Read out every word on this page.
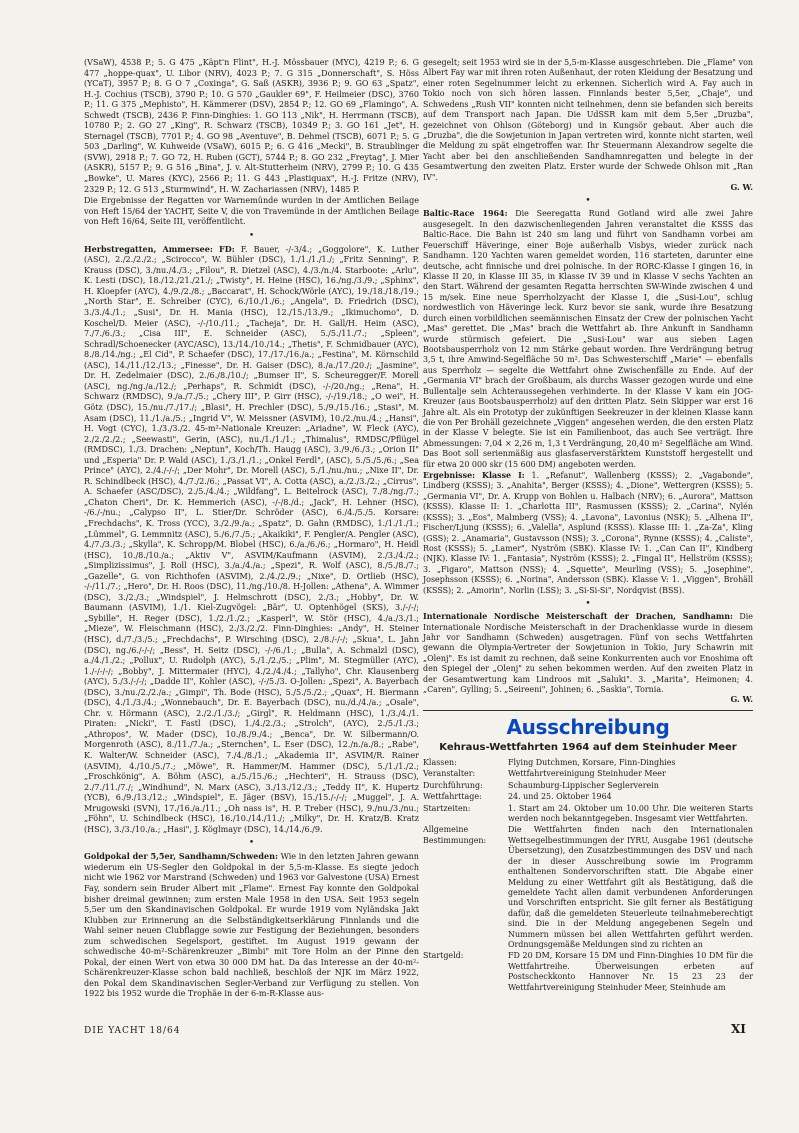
(VSaW), 4538 P.; 5. G 475 „Käpt'n Flint", H.-J. Mössbauer (MYC), 4219 P.; 6. G 477 „hoppe-quax", U. Libor (NRV), 4023 P.; 7. G 315 „Donnerschaft", S. Höss (YCaT), 3957 P.; 8. G O 7 „Coxinga", G. Saß (ASKR), 3936 P.; 9. GO 63 „Spatz", H.-J. Cochius (TSCB), 3790 P.; 10. G 570 „Gaukler 69", F. Heilmeier (DSC), 3760 P.; 11. G 375 „Mephisto", H. Kämmerer (DSV), 2854 P.; 12. GO 69 „Flamingo", A. Schwedt (TSCB), 2436 P. Finn-Dinghies: 1. GO 113 „Nik", H. Herrmann (TSCB), 10780 P.; 2. GO 27 „King", R. Schwarz (TSCB), 10349 P.; 3. GO 161 „Jet", H. Sternagel (TSCB), 7701 P.; 4. GO 98 „Aventuve", B. Dehmel (TSCB), 6071 P.; 5. G 503 „Darling", W. Kuhweide (VSaW), 6015 P.; 6. G 416 „Mecki", B. Straublinger (SVW), 2918 P.; 7. GO 72, H. Ruben (GCT), 5744 P.; 8. GO 232 „Freytag", J. Mier (ASKR), 5157 P.; 9. G 516 „Bina", J. v. Alt-Stutterheim (NRV), 2799 P.; 10. G 435 „Bowke", U. Mares (KYC), 2566 P.; 11. G 443 „Plastiquax", H.-J. Fritze (NRV), 2329 P.; 12. G 513 „Sturmwind", H. W. Zachariassen (NRV), 1485 P.

Die Ergebnisse der Regatten vor Warnemünde wurden in der Amtlichen Beilage von Heft 15/64 der YACHT, Seite V, die von Travemünde in der Amtlichen Beilage von Heft 16/64, Seite III, veröffentlicht.

•

Herbstregatten, Ammersee: FD: F. Bauer, -/-3/4.; „Goggolore", K. Luther (ASC), 2./2./2./2.; „Scirocco", W. Bühler (DSC), 1./1./1./1./; „Fritz Senning", P. Krauss (DSC), 3./nu./4./3.; „Filou", R. Dietzel (ASC), 4./3./n./4. Starboote: „Arlu", K. Lesti (DSC), 18./12./21./21./; „Twisty", H. Heine (HSC), 16./ng./3./9.; „Sphinx", H. Kloepfer (AYC), 4./9./2./8.; „Baccarat", H. Schock/Wörle (AYC), 19./18./18./19.; „North Star", E. Schreiber (CYC), 6./10./1./6.; „Angela", D. Friedrich (DSC), 3./3./4./1.; „Susi", Dr. H. Mania (HSC), 12./15./13./9.; „Ikimuchomo", D. Koschel/D. Meier (ASC), -/-/10./11.; „Tacheja", Dr. H. Gall/H. Heim (ASC), 7./7./6./3.; „Cisa III", E. Schneider (ASC), 5./5./11./7.; „Spleen", Schradl/Schoenecker (AYC/ASC), 13./14./10./14.; „Thetis", F. Schmidbauer (AYC), 8./8./14./ng.; „El Cid", P. Schaefer (DSC), 17./17./16./a.; „Festina", M. Körnschild (ASC), 14./11./12./13.; „Finesse", Dr. H. Gaiser (DSC), 8./a./17./20./; „Jasmine", Dr. H. Zedelmaier (DSC), 2./6./8./10./; „Bumser II", S. Scheuregger/F. Morell (ASC), ng./ng./a./12./; „Perhaps", R. Schmidt (DSC), -/-/20./ng.; „Rena", H. Schwarz (RMDSC), 9./a./7./5.; „Chery III", P. Girr (HSC), -/-/19./18.; „O wei", H. Götz (DSC), 15./nu./7./17./; „Blasi", H. Prechler (DSC), 5./9./15./16.; „Stasi", M. Asam (DSC), 11./1./a./5.; „Ingrid V", W. Meissner (ASVIM), 10./2./nu./4.; „Hansi", H. Vogt (CYC), 1./3./3./2. 45-m²-Nationale Kreuzer: „Ariadne", W. Fleck (AYC), 2./2./2./2.; „Seewasti", Gerin, (ASC), nu./1./1./1.; „Thimalus", RMDSC/Pflügel (RMDSC), 1./3. Drachen: „Neptun", Koch/Th. Haugg (ASC), 3./9./6./3.; „Orion II" und „Esperia" Dr. P. Wald (ASC), 1./3./1./1.; „Onkel Ferdl", (ASC), 5./5./5./6.; „Sea Prince" (AYC), 2./4./-/-/; „Der Mohr", Dr. Morell (ASC), 5./1./nu./nu.; „Nixe II", Dr. R. Schindlbeck (HSC), 4./7./2./6.; „Passat VI", A. Cotta (ASC), a./2./3./2.; „Cirrus", A. Schaefer (ASC/DSC), 2./5./4./4.; „Wildfang", L. Beitelrock (ASC), 7./8./ng./7.; „Chaton Cheri", Dr. K. Hemmerich (ASC), -/-/8./d.; „Jack", H. Lehner (HSC), -/6./-/nu.; „Calypso II", L. Stier/Dr. Schröder (ASC), 6./4./5./5. Korsare: „Frechdachs", K. Tross (YCC), 3./2./9./a.; „Spatz", D. Gahn (RMDSC), 1./1./1./1.; „Lümmel", G. Lemmnitz (ASC), 5./6./7./5.; „Akaikiki", F. Pengler/A. Pengler (ASC), 4./7./3./3.; „Skylla", K. Schropp/M. Blobel (HSC), 6./a./6./6.; „Hormaro", H. Heidl (HSC), 10./8./10./a.; „Aktiv V", ASVIM/Kaufmann (ASVIM), 2./3./4./2.; „Simplizissimus", J. Roll (HSC), 3./a./4./a.; „Spezi", R. Wolf (ASC), 8./5./8./7.; „Gazelle", G. von Richthofen (ASVIM), 2./4./2./9.; „Nixe", D. Ortlieb (HSC), -/-/11./7.; „Hero", Dr. H. Roos (DSC), 11./ng./10./8. H-Jollen: „Athena", A. Wimmer (DSC), 3./2./3.; „Windspiel", J. Helmschrott (DSC), 2./3.; „Hobby", Dr. W. Baumann (ASVIM), 1./1. Kiel-Zugvögel: „Bär", U. Optenhögel (SKS), 3./-/-/; „Sybille", H. Reger (DSC), 1./2./1./2.; „Kasperl", W. Stör (HSC), 4./a./3./1.; „Mieze", W. Fleischmann (HSC), 2./3./2./2. Finn-Dinghies: „Andy", H. Steiner (HSC), d./7./3./5.; „Frechdachs", P. Wirsching (DSC), 2./8./-/-/; „Skua", L. Jahn (DSC), ng./6./-/-/; „Bess", H. Seitz (DSC), -/-/6./1.; „Bulla", A. Schmalzl (DSC), a./4./1./2.; „Pollux", U. Rudolph (AYC), 5./1./2./5.; „Plim", M. Stegmüller (AYC), 1./-/-/-/; „Bobby", J. Mittermaier (HYC), 4./2./4./4.; „Tallyho", Chr. Klausenberg (AYC), 5./3./-/-/; „Dadde II", Kohler (ASC), -/-/5./3. O-Jollen: „Spezi", A. Bayerbach (DSC), 3./nu./2./2./a.; „Gimpi", Th. Bode (HSC), 5./5./5./2.; „Quax", H. Biermann (DSC), 4./1./3./4.; „Wonnebauch", Dr. E. Bayerbach (DSC), nu./d./4./a.; „Osale", Chr. v. Hörmann (ASC), 2./2./1./3./; „Girgl", R. Heldmann (HSC), 1./3./4./1. Piraten: „Nicki", T. Fastl (DSC), 1./4./2./3.; „Strolch", (AYC), 2./5./1./3.; „Athropos", W. Mader (DSC), 10./8./9./4.; „Benca", Dr. W. Silbermann/O. Morgenroth (ASC), 8./11./7./a.; „Sternchen", L. Eser (DSC), 12./n./a./8.; „Rabe", K. Walter/W. Schneider (ASC), 7./4./8./1.; „Akademia II", ASVIM/R. Rainer (ASVIM), 4./10./5./7.; „Möwe", R. Hammer/M. Hammer (DSC), 5./1./1./2.; „Froschkönig", A. Böhm (ASC), a./5./15./6.; „Hechteri", H. Strauss (DSC), 2./7./11./7./; „Windhund", N. Marx (ASC), 3./13./12./3.; „Teddy II", K. Hupertz (YCB), 6./9./13./12.; „Windspiel", E. Jäger (BSV), 15./15./-/-/; „Muggel", J. A. Mrugowski (SVN), 17./16./a./11.; „Oh nass is", H. P. Treber (HSC), 9./nu./3./nu.; „Föhn", U. Schindlbeck (HSC), 16./10./14./11./; „Milky", Dr. H. Kratz/B. Kratz (HSC), 3./3./10./a.; „Hasi", J. Köglmayr (DSC), 14./14./6./9.

•

Goldpokal der 5,5er, Sandhamn/Schweden: Wie in den letzten Jahren gewann wiederum ein US-Segler den Goldpokal in der 5,5-m-Klasse. Es siegte jedoch nicht wie 1962 vor Marstrand (Schweden) und 1963 vor Galvestone (USA) Ernest Fay, sondern sein Bruder Albert mit „Flame". Ernest Fay konnte den Goldpokal bisher dreimal gewinnen; zum ersten Male 1958 in den USA. Seit 1953 segeln 5,5er um den Skandinavischen Goldpokal. Er wurde 1919 vom Nyländska Jakt Klubben zur Erinnerung an die Selbständigkeitserklärung Finnlands und die Wahl seiner neuen Clubflagge sowie zur Festigung der Beziehungen, besonders zum schwedischen Segelsport, gestiftet. Im August 1919 gewann der schwedische 40-m²-Schärenkreuzer „Bimbi" mit Tore Holm an der Pinne den Pokal, der einen Wert von etwa 30 000 DM hat. Da das Interesse an der 40-m²-Schärenkreuzer-Klasse schon bald nachließ, beschloß der NJK im März 1922, den Pokal dem Skandinavischen Segler-Verband zur Verfügung zu stellen. Von 1922 bis 1952 wurde die Trophäe in der 6-m-R-Klasse aus-

gesegelt; seit 1953 wird sie in der 5,5-m-Klasse ausgeschrieben. Die „Flame" von Albert Fay war mit ihren roten Außenhaut, der roten Kleidung der Besatzung und einer roten Segelnummer leicht zu erkennen. Sicherlich wird A. Fay auch in Tokio noch von sich hören lassen. Finnlands bester 5,5er, „Chaje", und Schwedens „Rush VII" konnten nicht teilnehmen, denn sie befanden sich bereits auf dem Transport nach Japan. Die UdSSR kam mit dem 5,5er „Druzba", gezeichnet von Ohlson (Göteborg) und in Kungsör gebaut. Aber auch die „Druzba", die die Sowjetunion in Japan vertreten wird, konnte nicht starten, weil die Meldung zu spät eingetroffen war. Ihr Steuermann Alexandrow segelte die Yacht aber bei den anschließenden Sandhamnregatten und belegte in der Gesamtwertung den zweiten Platz. Erster wurde der Schwede Ohlson mit „Ran IV".

G. W.

•

Baltic-Race 1964: Die Seeregatta Rund Gotland wird alle zwei Jahre ausgesegelt. In den dazwischenliegenden Jahren veranstaltet die KSSS das Baltic-Race. Die Bahn ist 240 sm lang und führt von Sandhamn vorbei am Feuerschiff Häveringe, einer Boje außerhalb Visbys, wieder zurück nach Sandhamn. 120 Yachten waren gemeldet worden, 116 starteten, darunter eine deutsche, acht finnische und drei polnische. In der RORC-Klasse I gingen 16, in Klasse II 20, in Klasse III 35, in Klasse IV 39 und in Klasse V sechs Yachten an den Start. Während der gesamten Regatta herrschten SW-Winde zwischen 4 und 15 m/sek. Eine neue Sperrholzyacht der Klasse I, die „Susi-Lou", schlug nordwestlich von Häveringe leck. Kurz bevor sie sank, wurde ihre Besatzung durch einen vorbildlichen seemännischen Einsatz der Crew der polnischen Yacht „Mas" gerettet. Die „Mas" brach die Wettfahrt ab. Ihre Ankunft in Sandhamn wurde stürmisch gefeiert. Die „Susi-Lou" war aus sieben Lagen Bootsbausperrholz von 12 mm Stärke gebaut worden. Ihre Verdrängung betrug 3,5 t, ihre Amwind-Segelfläche 50 m². Das Schwesterschiff „Marie" — ebenfalls aus Sperrholz — segelte die Wettfahrt ohne Zwischenfälle zu Ende. Auf der „Germania VI" brach der Großbaum, als durchs Wasser gezogen wurde und eine Bullentalje sein Achteraussegehen verhinderte. In der Klasse V kam ein JOG-Kreuzer (aus Bootsbausperrholz) auf den dritten Platz. Sein Skipper war erst 16 Jahre alt. Als ein Prototyp der zukünftigen Seekreuzer in der kleinen Klasse kann die von Per Brohäll gezeichnete „Viggen" angesehen werden, die den ersten Platz in der Klasse V belegte. Sie ist ein Familienboot, das auch See verträgt. Ihre Abmessungen: 7,04 × 2,26 m, 1,3 t Verdrängung, 20,40 m² Segelfläche am Wind. Das Boot soll serienmäßig aus glasfaserverstärktem Kunststoff hergestellt und für etwa 20 000 skr (15 600 DM) angeboten werden.

Ergebnisse: Klasse I: 1. „Refanut", Wallenberg (KSSS); 2. „Vagabonde", Lindberg (KSSS); 3. „Anahita", Berger (KSSS); 4. „Dione", Wettergren (KSSS); 5. „Germania VI", Dr. A. Krupp von Bohlen u. Halbach (NRV); 6. „Aurora", Mattson (KSSS). Klasse II: 1. „Charlotta III", Rasmussen (KSSS); 2. „Carina", Nylén (KSSS); 3. „Eos", Malmberg (VSS); 4. „Lavona", Lavonius (NSK); 5. „Alhena II", Fischer/Ljung (KSSS); 6. „Valella", Asplund (KSSS). Klasse III: 1. „Za-Za", Kling (GSS); 2. „Anamaria", Gustavsson (NSS); 3. „Corona", Rynne (KSSS); 4. „Caliste", Rost (KSSS); 5. „Lamer", Nyström (SBK). Klasse IV: 1. „Can Can II", Kindberg (NJK). Klasse IV: 1. „Fantasia", Nyström (KSSS); 2. „Fingal II", Hellström (KSSS); 3. „Figaro", Mattson (NSS); 4. „Squette", Meurling (VSS); 5. „Josephine", Josephsson (KSSS); 6. „Norina", Andersson (SBK). Klasse V: 1. „Viggen", Brohäll (KSSS); 2. „Amorin", Norlin (LSS); 3. „Si-Si-Si", Nordqvist (BSS).

•

Internationale Nordische Meisterschaft der Drachen, Sandhamn: Die Internationale Nordische Meisterschaft in der Drachenklasse wurde in diesem Jahr vor Sandhamn (Schweden) ausgetragen. Fünf von sechs Wettfahrten gewann die Olympia-Vertreter der Sowjetunion in Tokio, Jury Schawrin mit „Olenj". Es ist damit zu rechnen, daß seine Konkurrenten auch vor Enoshima oft den Spiegel der „Olenj" zu sehen bekommen werden. Auf den zweiten Platz in der Gesamtwertung kam Lindroos mit „Saluki". 3. „Marita", Heimonen; 4. „Caren", Gylling; 5. „Seireeni", Johinen; 6. „Saskia", Tornia.

G. W.

Ausschreibung
Kehraus-Wettfahrten 1964 auf dem Steinhuder Meer
Klassen:	Flying Dutchmen, Korsare, Finn-Dinghies
Veranstalter:	Wettfahrtvereinigung Steinhuder Meer
Durchführung:	Schaumburg-Lippischer Seglerverein
Wettfahrttage:	24. und 25. Oktober 1964
Startzeiten:	1. Start am 24. Oktober um 10.00 Uhr. Die weiteren Starts werden noch bekanntgegeben. Insgesamt vier Wettfahrten.
Allgemeine Bestimmungen:
Die Wettfahrten finden nach den Internationalen Wettsegelbestimmungen der IYRU, Ausgabe 1961 (deutsche Übersetzung), den Zusatzbestimmungen des DSV und nach der in dieser Ausschreibung sowie im Programm enthaltenen Sondervorschriften statt. Die Abgabe einer Meldung zu einer Wettfahrt gilt als Bestätigung, daß die gemeldete Yacht allen damit verbundenen Anforderungen und Vorschriften entspricht. Sie gilt ferner als Bestätigung dafür, daß die gemeldeten Steuerleute teilnahmeberechtigt sind. Die in der Meldung angegebenen Segeln und Nummern müssen bei allen Wettfahrten geführt werden. Ordnungsgemäße Meldungen sind zu richten an
Startgeld:	FD 20 DM, Korsare 15 DM und Finn-Dinghies 10 DM für die Wettfahrtreihe. Überweisungen erbeten auf Postscheckkonto Hannover Nr. 15 23 23 der Wettfahrtvereinigung Steinhuder Meer, Steinhude am
DIE YACHT 18/64	XI
